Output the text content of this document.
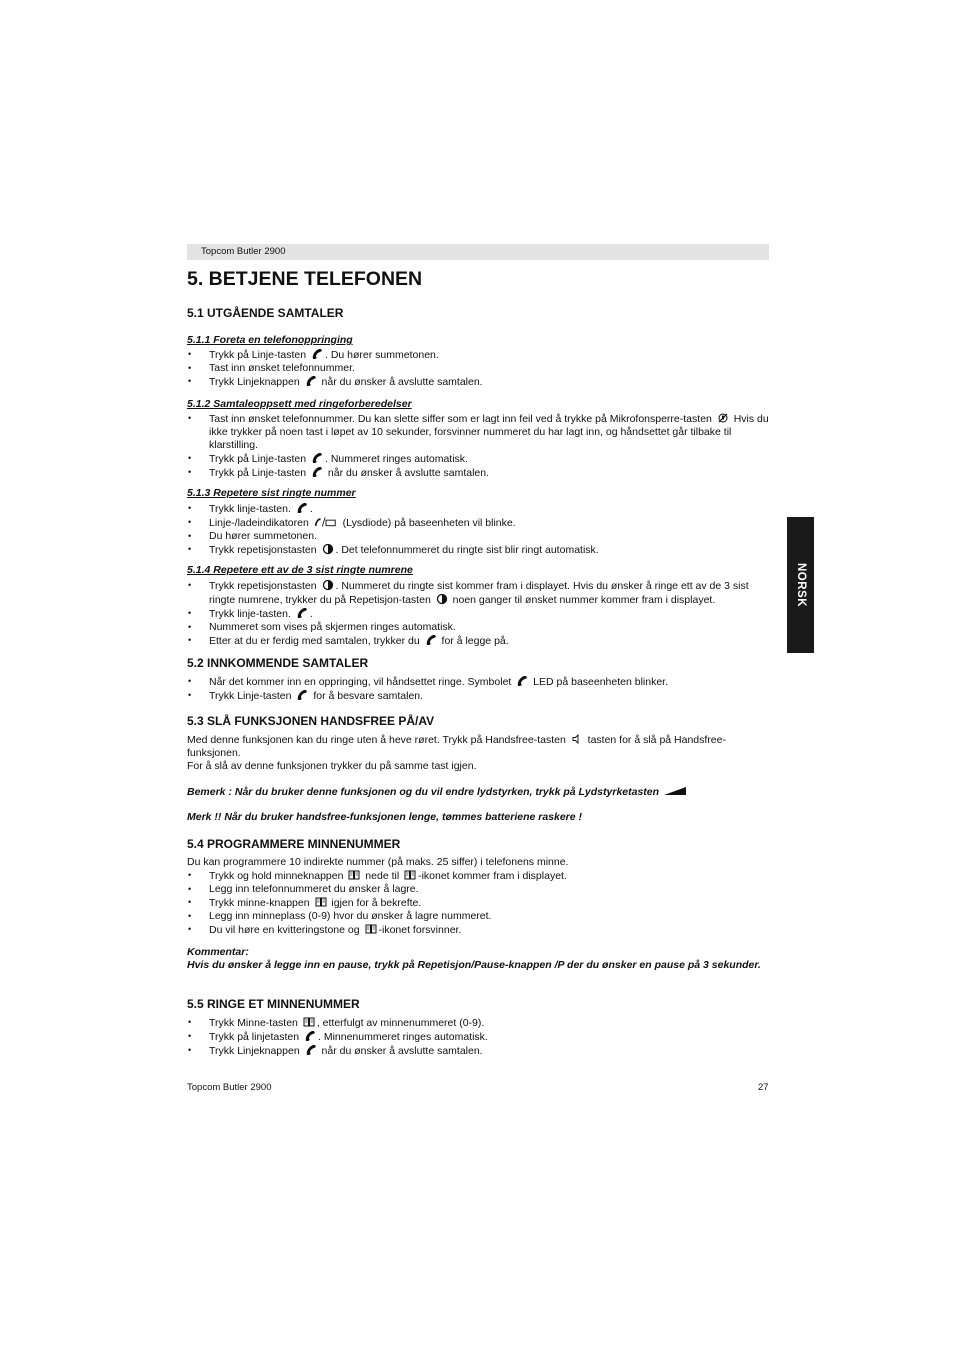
Topcom Butler 2900
5. BETJENE TELEFONEN
NORSK
5.1 UTGÅENDE SAMTALER
5.1.1 Foreta en telefonoppringing
• Trykk på Linje-tasten . Du hører summetonen.
• Tast inn ønsket telefonnummer.
• Trykk Linjeknappen når du ønsker å avslutte samtalen.
5.1.2 Samtaleoppsett med ringeforberedelser
• Tast inn ønsket telefonnummer. Du kan slette siffer som er lagt inn feil ved å trykke på Mikrofonsperre-tasten Hvis du ikke trykker på noen tast i løpet av 10 sekunder, forsvinner nummeret du har lagt inn, og håndsettet går tilbake til klarstilling.
• Trykk på Linje-tasten . Nummeret ringes automatisk.
• Trykk på Linje-tasten når du ønsker å avslutte samtalen.
5.1.3 Repetere sist ringte nummer
• Trykk linje-tasten. .
• Linje-/ladeindikatoren	(Lysdiode) på baseenheten vil blinke.
• Du hører summetonen.
• Trykk repetisjonstasten . Det telefonnummeret du ringte sist blir ringt automatisk.
5.1.4 Repetere ett av de 3 sist ringte numrene
• Trykk repetisjonstasten . Nummeret du ringte sist kommer fram i displayet. Hvis du ønsker å ringe ett av de 3 sist ringte numrene, trykker du på Repetisjon-tasten noen ganger til ønsket nummer kommer fram i displayet.
• Trykk linje-tasten. .
• Nummeret som vises på skjermen ringes automatisk.
• Etter at du er ferdig med samtalen, trykker du for å legge på.
5.2 INNKOMMENDE SAMTALER
• Når det kommer inn en oppringing, vil håndsettet ringe. Symbolet LED på baseenheten blinker.
• Trykk Linje-tasten for å besvare samtalen.
5.3 SLÅ FUNKSJONEN HANDSFREE PÅ/AV

Med denne funksjonen kan du ringe uten å heve røret. Trykk på Handsfree-tasten tasten for å slå på Handsfree-funksjonen.
For å slå av denne funksjonen trykker du på samme tast igjen.

Bemerk : Når du bruker denne funksjonen og du vil endre lydstyrken, trykk på Lydstyrketasten

Merk !! Når du bruker handsfree-funksjonen lenge, tømmes batteriene raskere !

5.4 PROGRAMMERE MINNENUMMER

Du kan programmere 10 indirekte nummer (på maks. 25 siffer) i telefonens minne.

• Trykk og hold minneknappen nede til -ikonet kommer fram i displayet.
• Legg inn telefonnummeret du ønsker å lagre.
• Trykk minne-knappen igjen for å bekrefte.
• Legg inn minneplass (0-9) hvor du ønsker å lagre nummeret.
• Du vil høre en kvitteringstone og -ikonet forsvinner.

Kommentar:
Hvis du ønsker å legge inn en pause, trykk på Repetisjon/Pause-knappen /P der du ønsker en pause på 3 sekunder.

5.5 RINGE ET MINNENUMMER
• Trykk Minne-tasten , etterfulgt av minnenummeret (0-9).
• Trykk på linjetasten . Minnenummeret ringes automatisk.
• Trykk Linjeknappen når du ønsker å avslutte samtalen.
Topcom Butler 2900	27
